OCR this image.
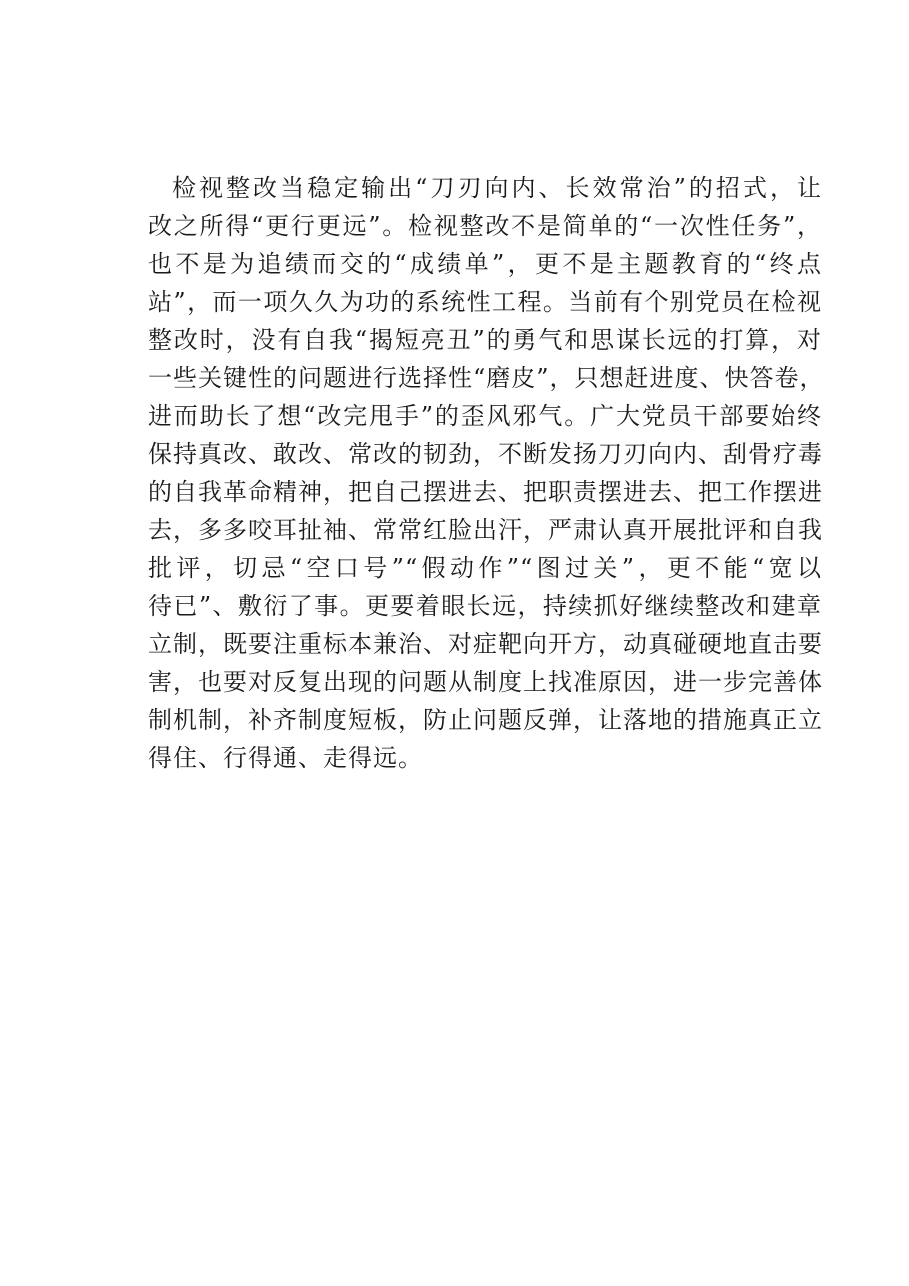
检视整改当稳定输出“刀刃向内、长效常治”的招式，让
改之所得“更行更远”。检视整改不是简单的“一次性任务”，
也不是为追绩而交的“成绩单”，更不是主题教育的“终点
站”，而一项久久为功的系统性工程。当前有个别党员在检视
整改时，没有自我“揭短亮丑”的勇气和思谋长远的打算，对
一些关键性的问题进行选择性“磨皮”，只想赶进度、快答卷，
进而助长了想“改完甩手”的歪风邪气。广大党员干部要始终
保持真改、敢改、常改的韧劲，不断发扬刀刃向内、刮骨疗毒
的自我革命精神，把自己摆进去、把职责摆进去、把工作摆进
去，多多咬耳扯袖、常常红脸出汗，严肃认真开展批评和自我
批评，切忌“空口号”“假动作”“图过关”，更不能“宽以
待已”、敷衍了事。更要着眼长远，持续抓好继续整改和建章
立制，既要注重标本兼治、对症靶向开方，动真碰硬地直击要
害，也要对反复出现的问题从制度上找准原因，进一步完善体
制机制，补齐制度短板，防止问题反弹，让落地的措施真正立
得住、行得通、走得远。
